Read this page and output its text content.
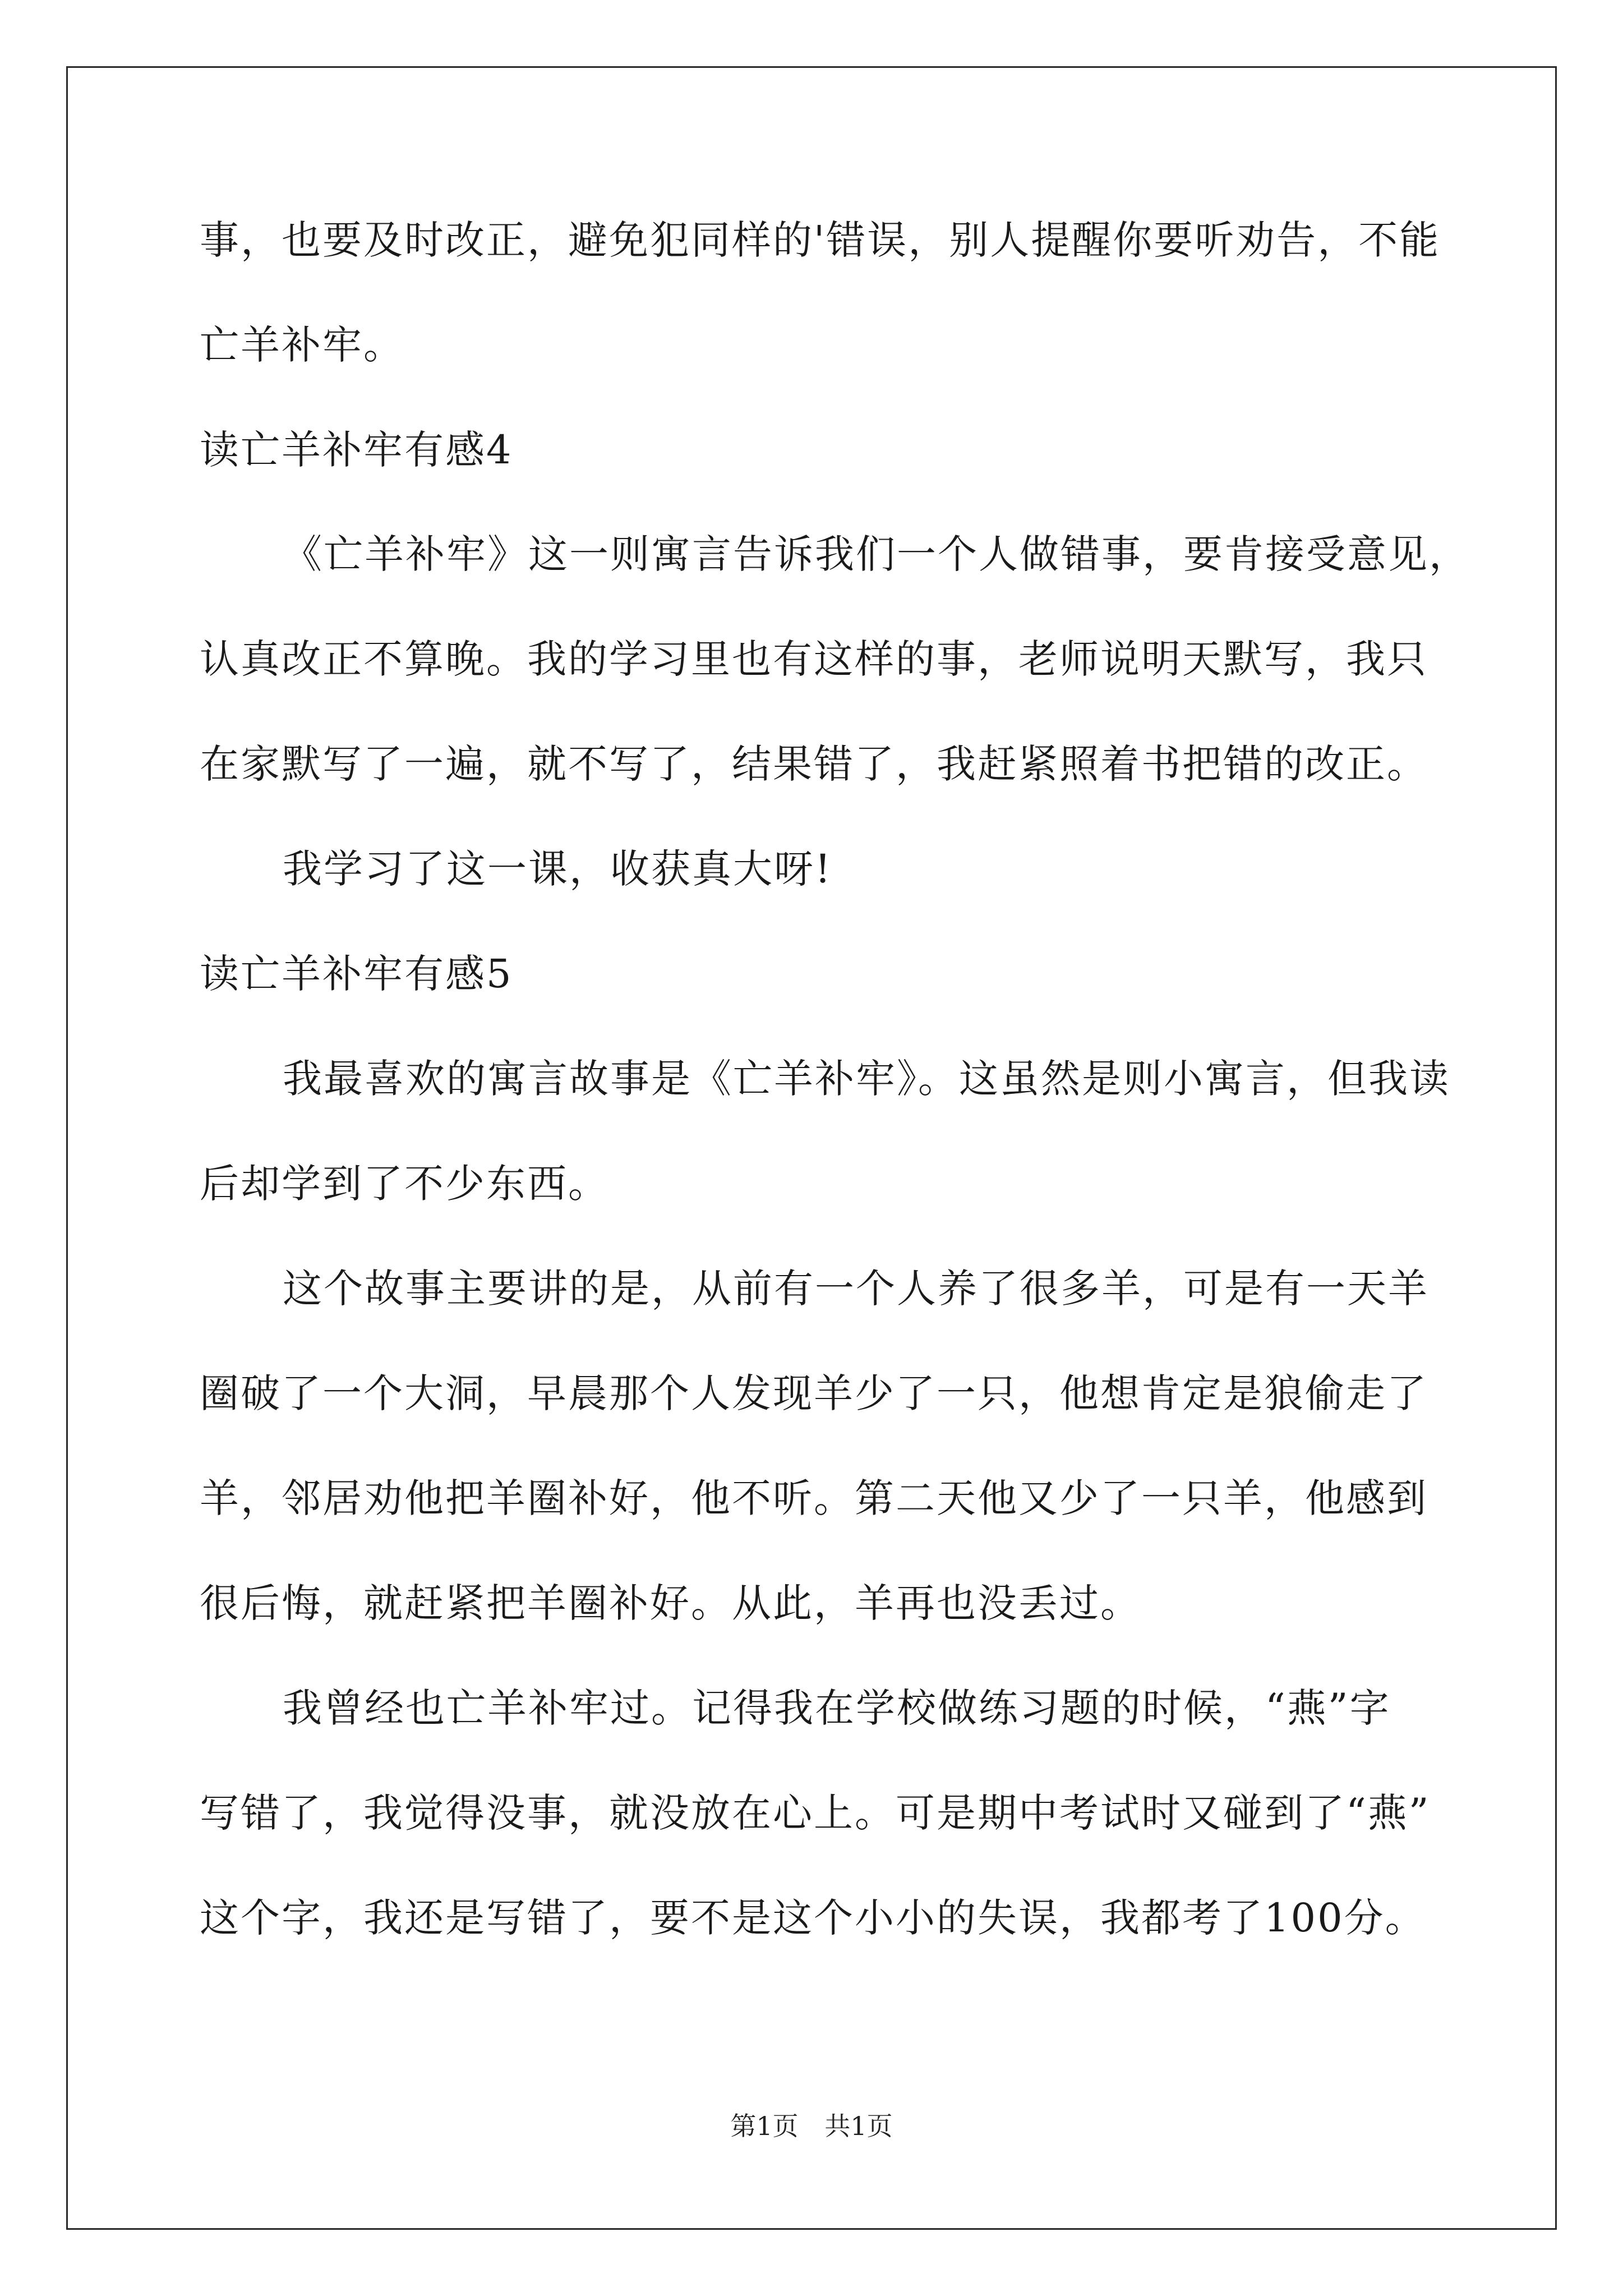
事，也要及时改正，避免犯同样的'错误，别人提醒你要听劝告，不能
亡羊补牢。
读亡羊补牢有感4
《亡羊补牢》这一则寓言告诉我们一个人做错事，要肯接受意见，
认真改正不算晚。我的学习里也有这样的事，老师说明天默写，我只
在家默写了一遍，就不写了，结果错了，我赶紧照着书把错的改正。
我学习了这一课，收获真大呀!
读亡羊补牢有感5
我最喜欢的寓言故事是《亡羊补牢》。这虽然是则小寓言，但我读
后却学到了不少东西。
这个故事主要讲的是，从前有一个人养了很多羊，可是有一天羊
圈破了一个大洞，早晨那个人发现羊少了一只，他想肯定是狼偷走了
羊，邻居劝他把羊圈补好，他不听。第二天他又少了一只羊，他感到
很后悔，就赶紧把羊圈补好。从此，羊再也没丢过。
我曾经也亡羊补牢过。记得我在学校做练习题的时候，“燕”字
写错了，我觉得没事，就没放在心上。可是期中考试时又碰到了“燕”
这个字，我还是写错了，要不是这个小小的失误，我都考了100分。
第1页 共1页
